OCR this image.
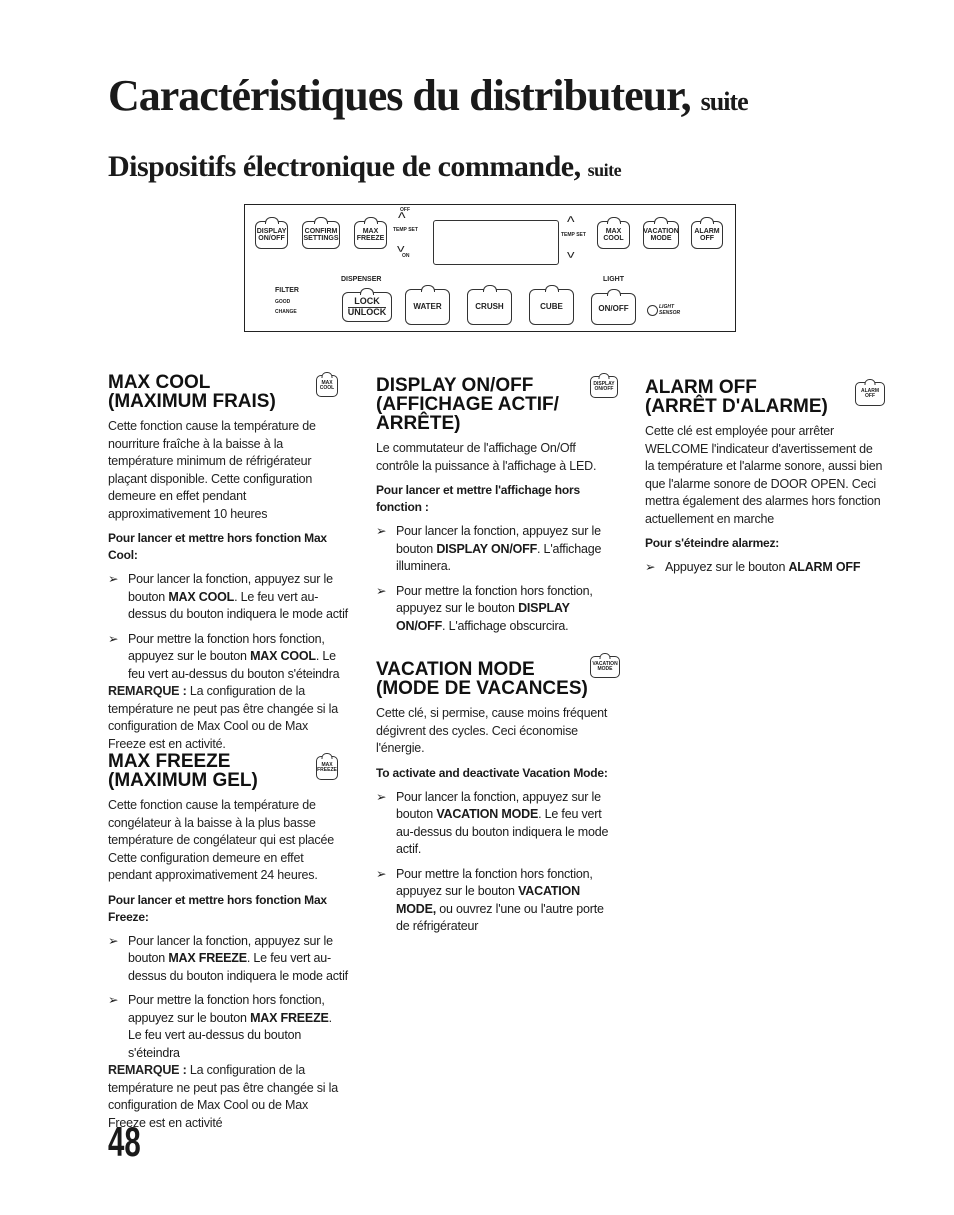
Caractéristiques du distributeur, suite
Dispositifs électronique de commande, suite
DISPLAY ON/OFF
CONFIRM SETTINGS
MAX FREEZE
OFF
^
TEMP SET
^
ON
^
TEMP SET
^
MAX COOL
VACATION MODE
ALARM OFF
FILTER
GOOD
CHANGE
DISPENSER
LOCK
UNLOCK
WATER	CRUSH	CUBE
LIGHT
ON/OFF	LIGHT SENSOR
MAX COOL

MAX COOL

(MAXIMUM FRAIS)

Cette fonction cause la température de nourriture fraîche à la baisse à la température minimum de réfrigérateur plaçant disponible. Cette configuration demeure en effet pendant approximativement 10 heures

Pour lancer et mettre hors fonction Max Cool:

➢ Pour lancer la fonction, appuyez sur le bouton MAX COOL. Le feu vert au-dessus du bouton indiquera le mode actif

➢ Pour mettre la fonction hors fonction, appuyez sur le bouton MAX COOL. Le feu vert au-dessus du bouton s'éteindra

REMARQUE : La configuration de la température ne peut pas être changée si la configuration de Max Cool ou de Max Freeze est en activité.

MAX FREEZE

MAX FREEZE

(MAXIMUM GEL)

Cette fonction cause la température de congélateur à la baisse à la plus basse température de congélateur qui est placée Cette configuration demeure en effet pendant approximativement 24 heures.

Pour lancer et mettre hors fonction Max Freeze:

➢ Pour lancer la fonction, appuyez sur le bouton MAX FREEZE. Le feu vert au-dessus du bouton indiquera le mode actif

➢ Pour mettre la fonction hors fonction, appuyez sur le bouton MAX FREEZE. Le feu vert au-dessus du bouton s'éteindra

REMARQUE : La configuration de la température ne peut pas être changée si la configuration de Max Cool ou de Max Freeze est en activité

DISPLAY ON/OFF

DISPLAY ON/OFF

(AFFICHAGE ACTIF/

ARRÊTE)

Le commutateur de l'affichage On/Off contrôle la puissance à l'affichage à LED.

Pour lancer et mettre l'affichage hors fonction :

➢ Pour lancer la fonction, appuyez sur le bouton DISPLAY ON/OFF. L'affichage illuminera.

➢ Pour mettre la fonction hors fonction, appuyez sur le bouton DISPLAY ON/OFF. L'affichage obscurcira.

VACATION MODE

VACATION MODE

(MODE DE VACANCES)

Cette clé, si permise, cause moins fréquent dégivrent des cycles. Ceci économise l'énergie.

To activate and deactivate Vacation Mode:

➢ Pour lancer la fonction, appuyez sur le bouton VACATION MODE. Le feu vert au-dessus du bouton indiquera le mode actif.

➢ Pour mettre la fonction hors fonction, appuyez sur le bouton VACATION MODE, ou ouvrez l'une ou l'autre porte de réfrigérateur

ALARM OFF

ALARM OFF

(ARRÊT D'ALARME)

Cette clé est employée pour arrêter WELCOME l'indicateur d'avertissement de la température et l'alarme sonore, aussi bien que l'alarme sonore de DOOR OPEN. Ceci mettra également des alarmes hors fonction actuellement en marche

Pour s'éteindre alarmez:

➢ Appuyez sur le bouton ALARM OFF

48
